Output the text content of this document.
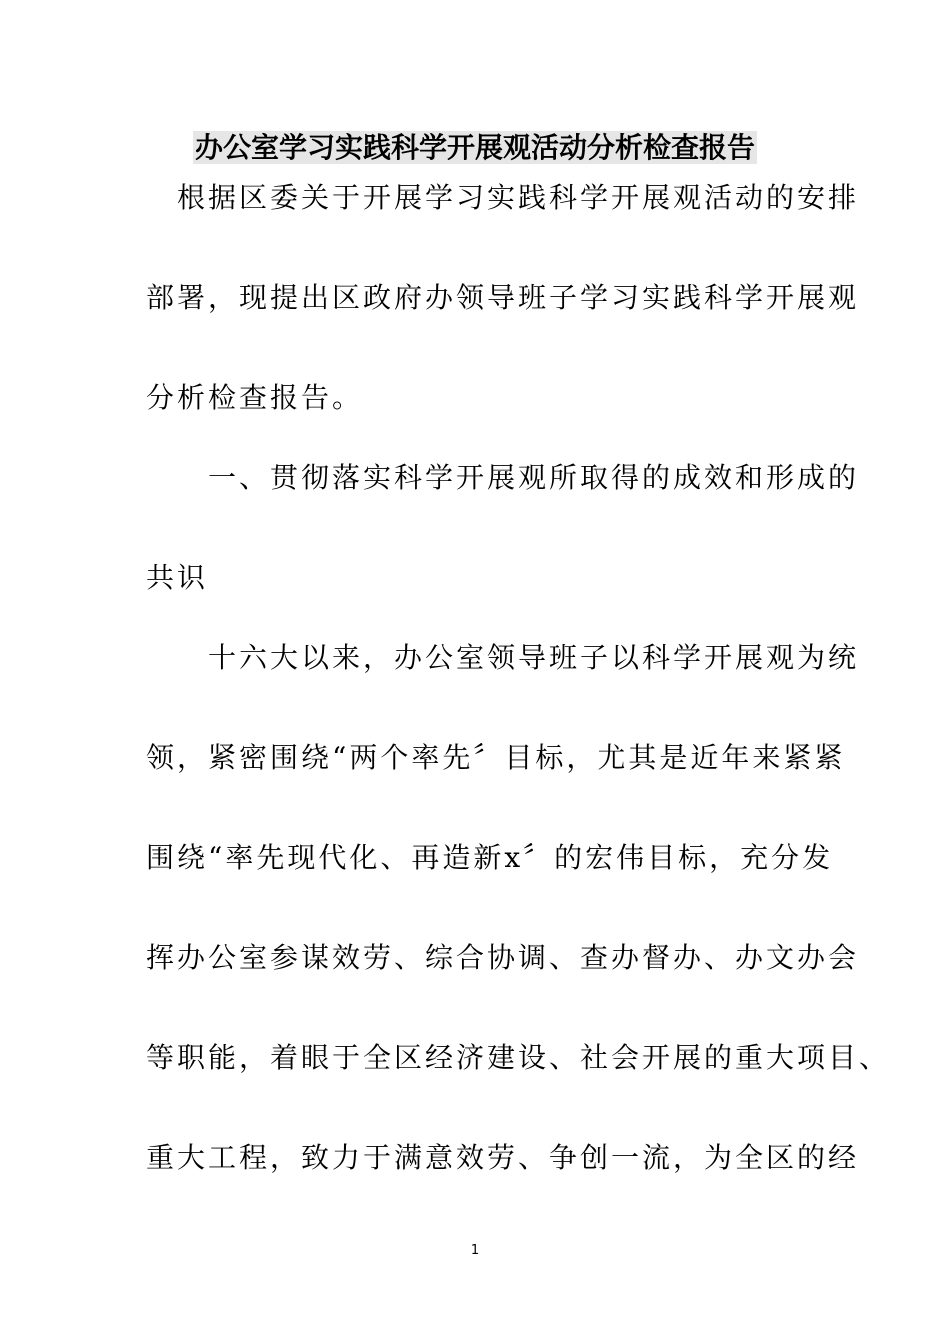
办公室学习实践科学开展观活动分析检查报告
　根据区委关于开展学习实践科学开展观活动的安排
部署，现提出区政府办领导班子学习实践科学开展观
分析检查报告。
　　一、贯彻落实科学开展观所取得的成效和形成的
共识
　　十六大以来，办公室领导班子以科学开展观为统
领，紧密围绕“两个率先〞目标，尤其是近年来紧紧
围绕“率先现代化、再造新x〞的宏伟目标，充分发
挥办公室参谋效劳、综合协调、查办督办、办文办会
等职能，着眼于全区经济建设、社会开展的重大项目、
重大工程，致力于满意效劳、争创一流，为全区的经
1
